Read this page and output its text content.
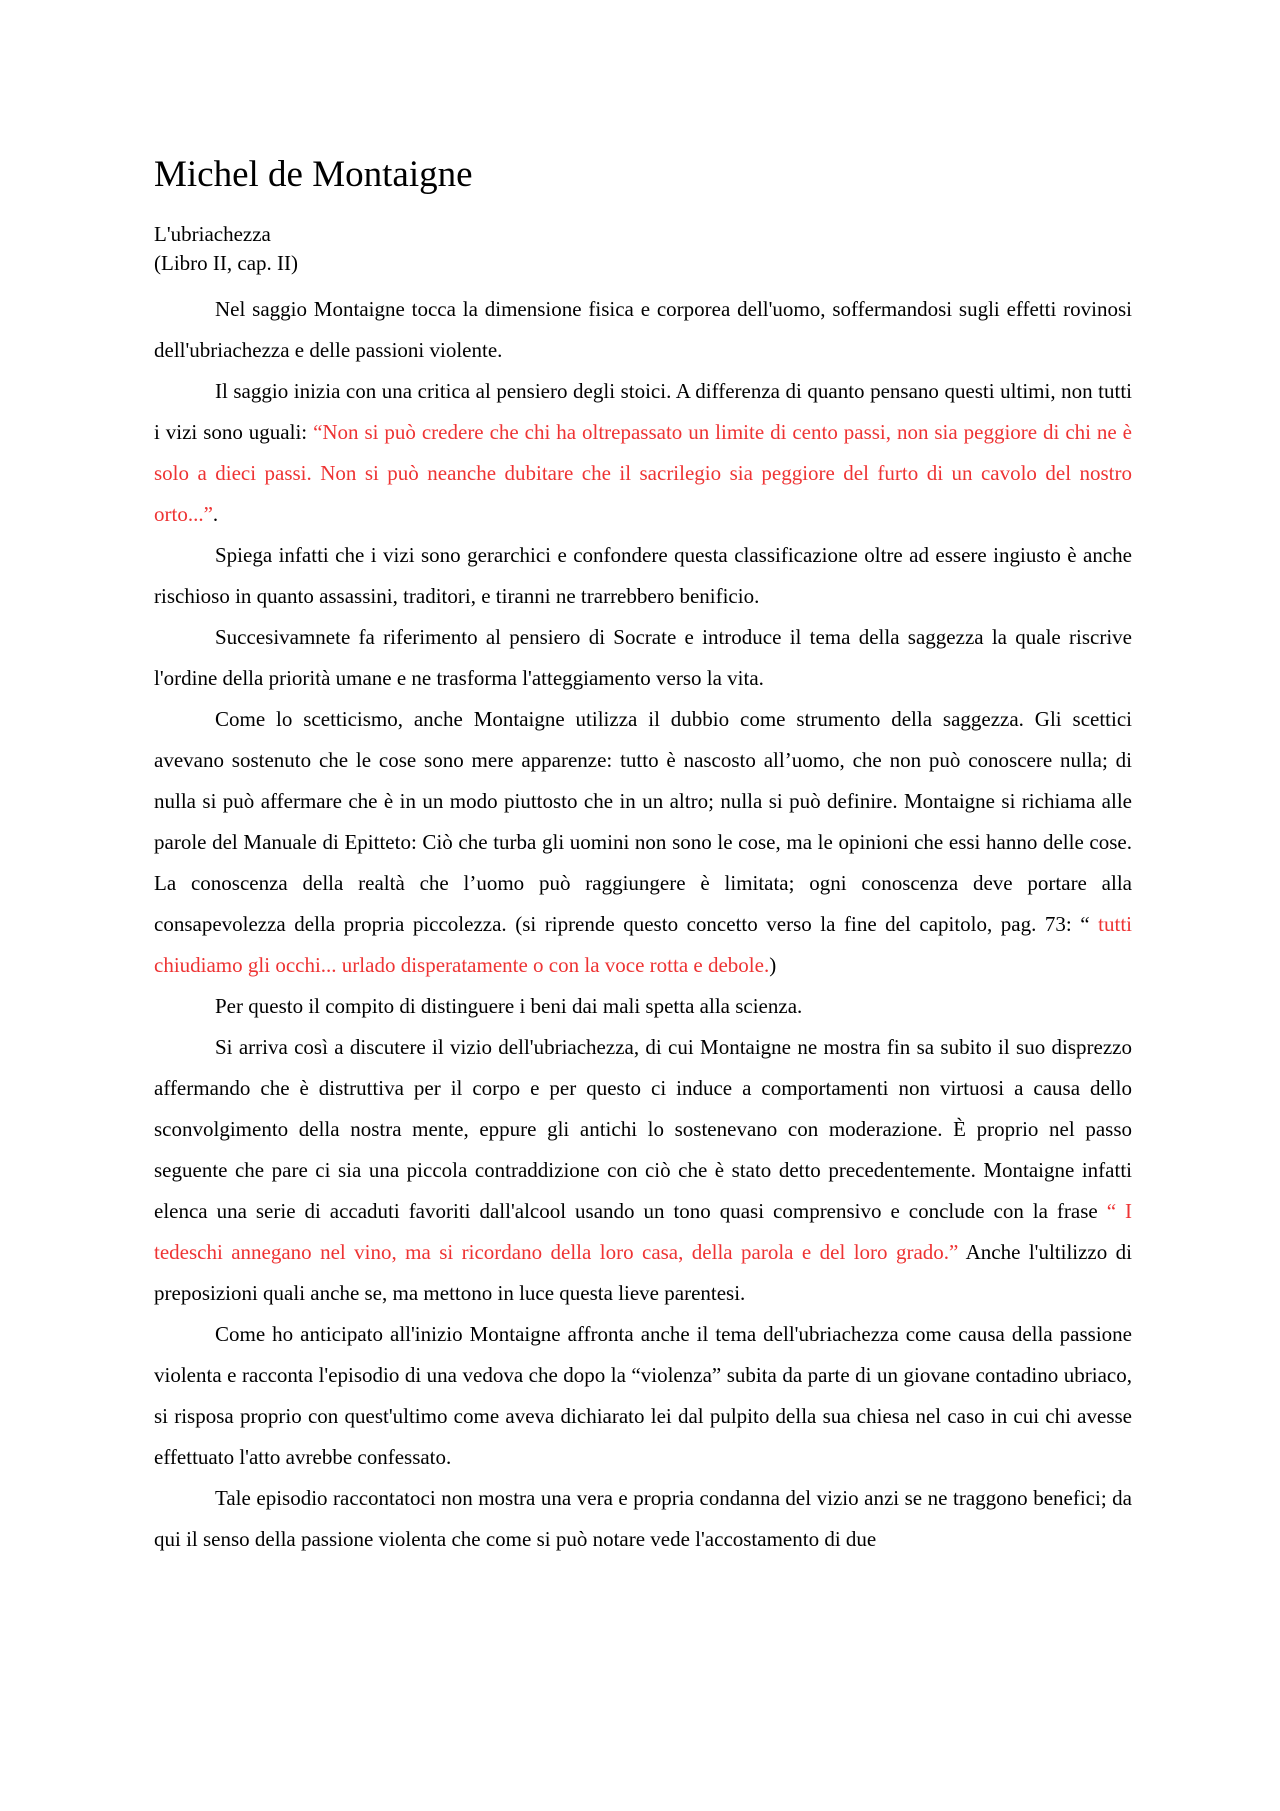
Michel de Montaigne

L'ubriachezza

(Libro II, cap. II)

Nel saggio Montaigne tocca la dimensione fisica e corporea dell'uomo, soffermandosi sugli effetti rovinosi dell'ubriachezza e delle passioni violente.

Il saggio inizia con una critica al pensiero degli stoici. A differenza di quanto pensano questi ultimi, non tutti i vizi sono uguali: “Non si può credere che chi ha oltrepassato un limite di cento passi, non sia peggiore di chi ne è solo a dieci passi. Non si può neanche dubitare che il sacrilegio sia peggiore del furto di un cavolo del nostro orto...”.

Spiega infatti che i vizi sono gerarchici e confondere questa classificazione oltre ad essere ingiusto è anche rischioso in quanto assassini, traditori, e tiranni ne trarrebbero benificio.

Succesivamnete fa riferimento al pensiero di Socrate e introduce il tema della saggezza la quale riscrive l'ordine della priorità umane e ne trasforma l'atteggiamento verso la vita.

Come lo scetticismo, anche Montaigne utilizza il dubbio come strumento della saggezza. Gli scettici avevano sostenuto che le cose sono mere apparenze: tutto è nascosto all’uomo, che non può conoscere nulla; di nulla si può affermare che è in un modo piuttosto che in un altro; nulla si può definire. Montaigne si richiama alle parole del Manuale di Epitteto: Ciò che turba gli uomini non sono le cose, ma le opinioni che essi hanno delle cose. La conoscenza della realtà che l’uomo può raggiungere è limitata; ogni conoscenza deve portare alla consapevolezza della propria piccolezza. (si riprende questo concetto verso la fine del capitolo, pag. 73: “ tutti chiudiamo gli occhi... urlado disperatamente o con la voce rotta e debole.)

Per questo il compito di distinguere i beni dai mali spetta alla scienza.

Si arriva così a discutere il vizio dell'ubriachezza, di cui Montaigne ne mostra fin sa subito il suo disprezzo affermando che è distruttiva per il corpo e per questo ci induce a comportamenti non virtuosi a causa dello sconvolgimento della nostra mente, eppure gli antichi lo sostenevano con moderazione. È proprio nel passo seguente che pare ci sia una piccola contraddizione con ciò che è stato detto precedentemente. Montaigne infatti elenca una serie di accaduti favoriti dall'alcool usando un tono quasi comprensivo e conclude con la frase “ I tedeschi annegano nel vino, ma si ricordano della loro casa, della parola e del loro grado.” Anche l'ultilizzo di preposizioni quali anche se, ma mettono in luce questa lieve parentesi.

Come ho anticipato all'inizio Montaigne affronta anche il tema dell'ubriachezza come causa della passione violenta e racconta l'episodio di una vedova che dopo la “violenza” subita da parte di un giovane contadino ubriaco, si risposa proprio con quest'ultimo come aveva dichiarato lei dal pulpito della sua chiesa nel caso in cui chi avesse effettuato l'atto avrebbe confessato.

Tale episodio raccontatoci non mostra una vera e propria condanna del vizio anzi se ne traggono benefici; da qui il senso della passione violenta che come si può notare vede l'accostamento di due
